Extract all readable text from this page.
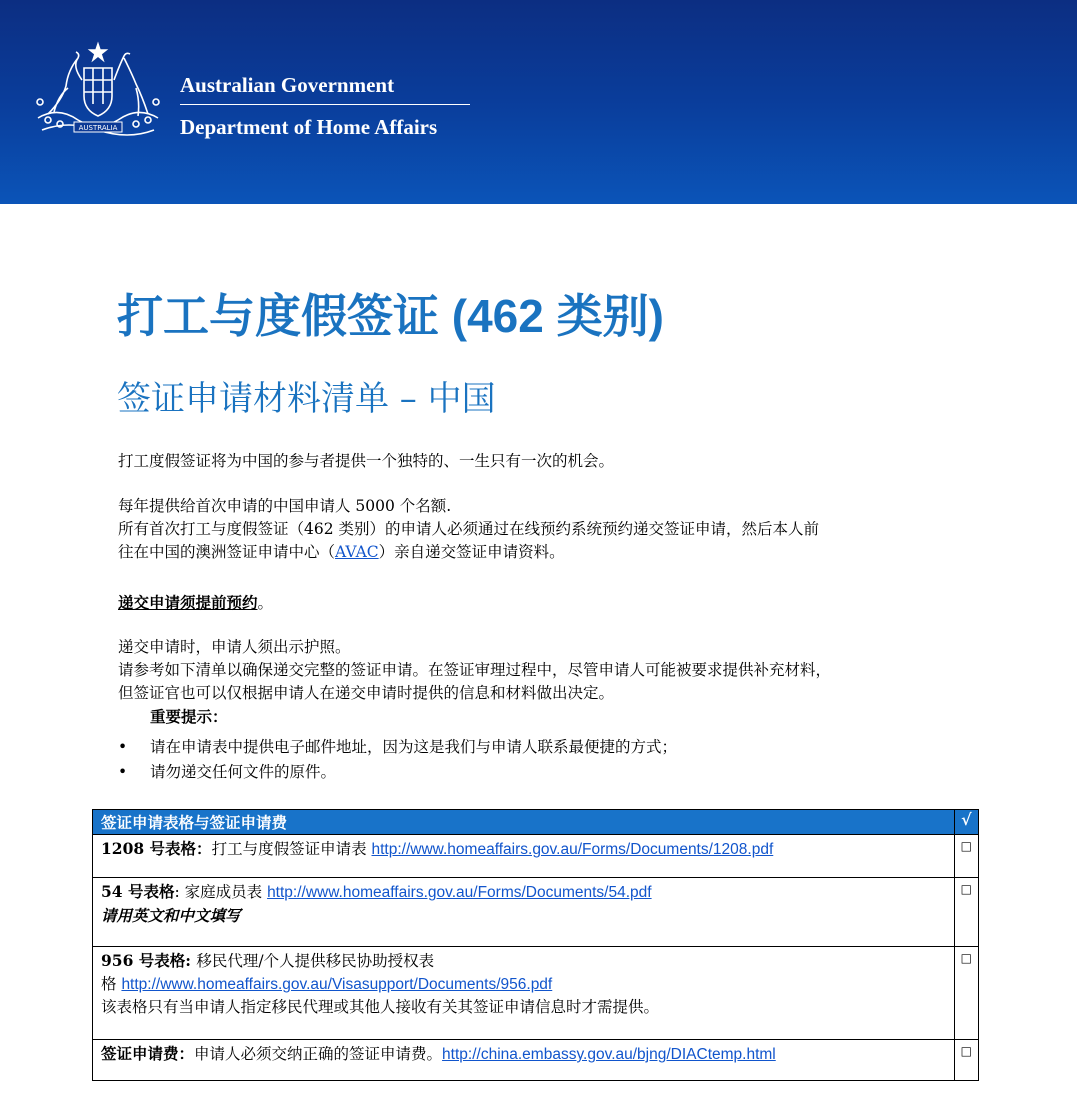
AUSTRALIA
Australian Government
Department of Home Affairs
打工与度假签证 (462 类别)
签证申请材料清单 – 中国
打工度假签证将为中国的参与者提供一个独特的、一生只有一次的机会。
每年提供给首次申请的中国申请人 5000 个名额.
所有首次打工与度假签证（462 类别）的申请人必须通过在线预约系统预约递交签证申请，然后本人前
往在中国的澳洲签证申请中心（AVAC）亲自递交签证申请资料。
递交申请须提前预约。
递交申请时，申请人须出示护照。
请参考如下清单以确保递交完整的签证申请。在签证审理过程中，尽管申请人可能被要求提供补充材料，
但签证官也可以仅根据申请人在递交申请时提供的信息和材料做出决定。
重要提示：
• 请在申请表中提供电子邮件地址，因为这是我们与申请人联系最便捷的方式；
• 请勿递交任何文件的原件。
签证申请表格与签证申请费	√

1208 号表格：打工与度假签证申请表 http://www.homeaffairs.gov.au/Forms/Documents/1208.pdf	□

54 号表格: 家庭成员表 http://www.homeaffairs.gov.au/Forms/Documents/54.pdf
请用英文和中文填写	□

956 号表格: 移民代理/个人提供移民协助授权表
格 http://www.homeaffairs.gov.au/Visasupport/Documents/956.pdf
该表格只有当申请人指定移民代理或其他人接收有关其签证申请信息时才需提供。	□

签证申请费：申请人必须交纳正确的签证申请费。http://china.embassy.gov.au/bjng/DIACtemp.html	□
